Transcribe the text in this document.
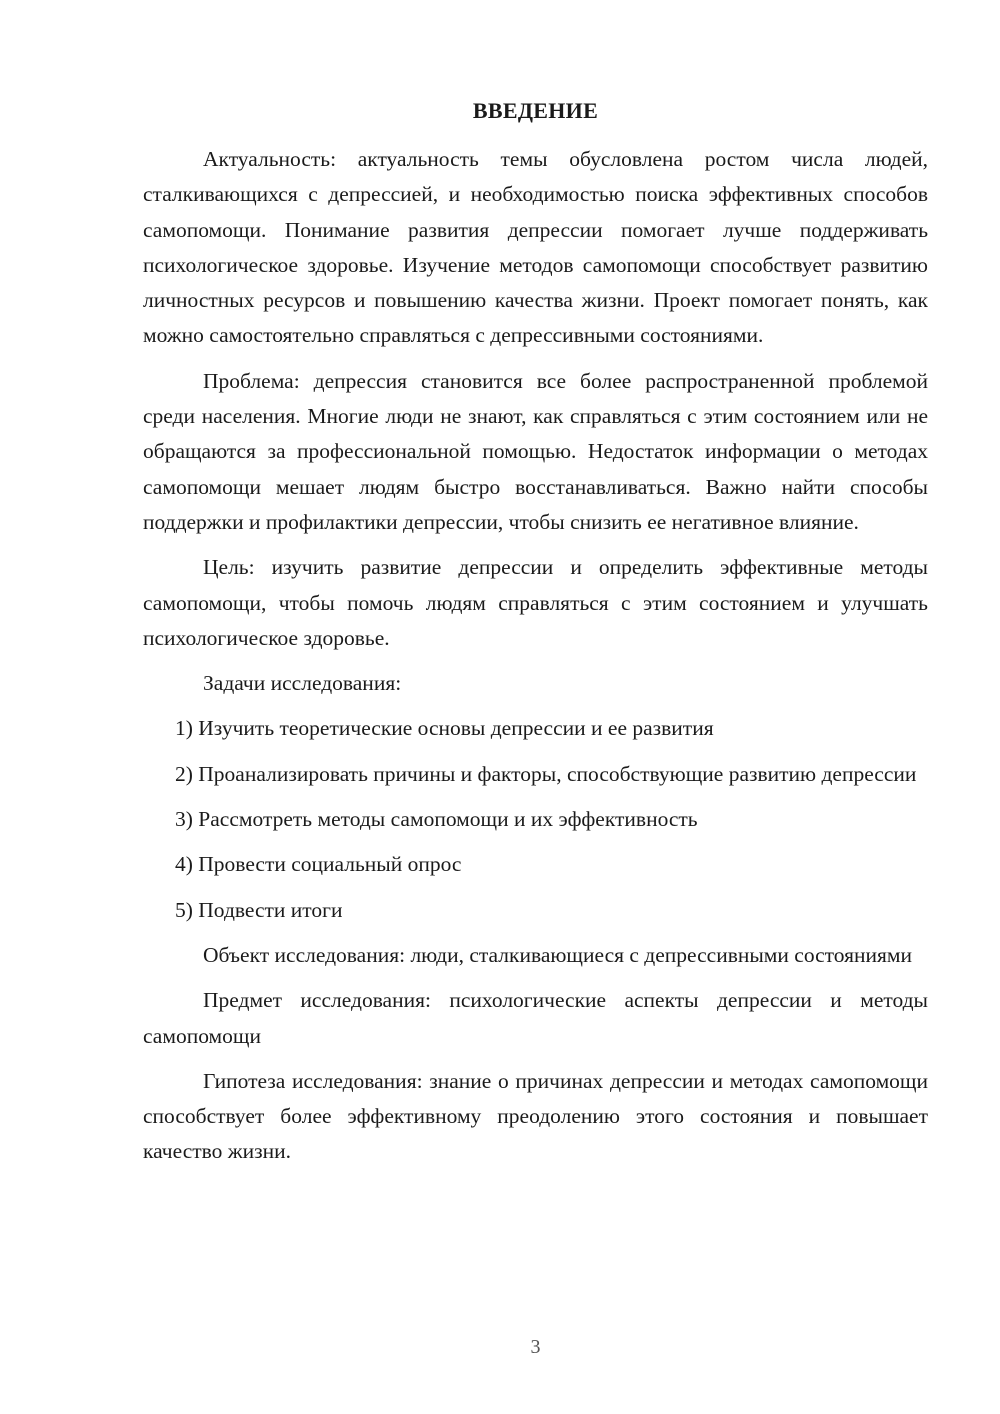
ВВЕДЕНИЕ

Актуальность: актуальность темы обусловлена ростом числа людей, сталкивающихся с депрессией, и необходимостью поиска эффективных способов самопомощи. Понимание развития депрессии помогает лучше поддерживать психологическое здоровье. Изучение методов самопомощи способствует развитию личностных ресурсов и повышению качества жизни. Проект помогает понять, как можно самостоятельно справляться с депрессивными состояниями.

Проблема: депрессия становится все более распространенной проблемой среди населения. Многие люди не знают, как справляться с этим состоянием или не обращаются за профессиональной помощью. Недостаток информации о методах самопомощи мешает людям быстро восстанавливаться. Важно найти способы поддержки и профилактики депрессии, чтобы снизить ее негативное влияние.

Цель: изучить развитие депрессии и определить эффективные методы самопомощи, чтобы помочь людям справляться с этим состоянием и улучшать психологическое здоровье.

Задачи исследования:

1) Изучить теоретические основы депрессии и ее развития

2) Проанализировать причины и факторы, способствующие развитию депрессии

3) Рассмотреть методы самопомощи и их эффективность

4) Провести социальный опрос

5) Подвести итоги

Объект исследования: люди, сталкивающиеся с депрессивными состояниями

Предмет исследования: психологические аспекты депрессии и методы самопомощи

Гипотеза исследования: знание о причинах депрессии и методах самопомощи способствует более эффективному преодолению этого состояния и повышает качество жизни.

3
